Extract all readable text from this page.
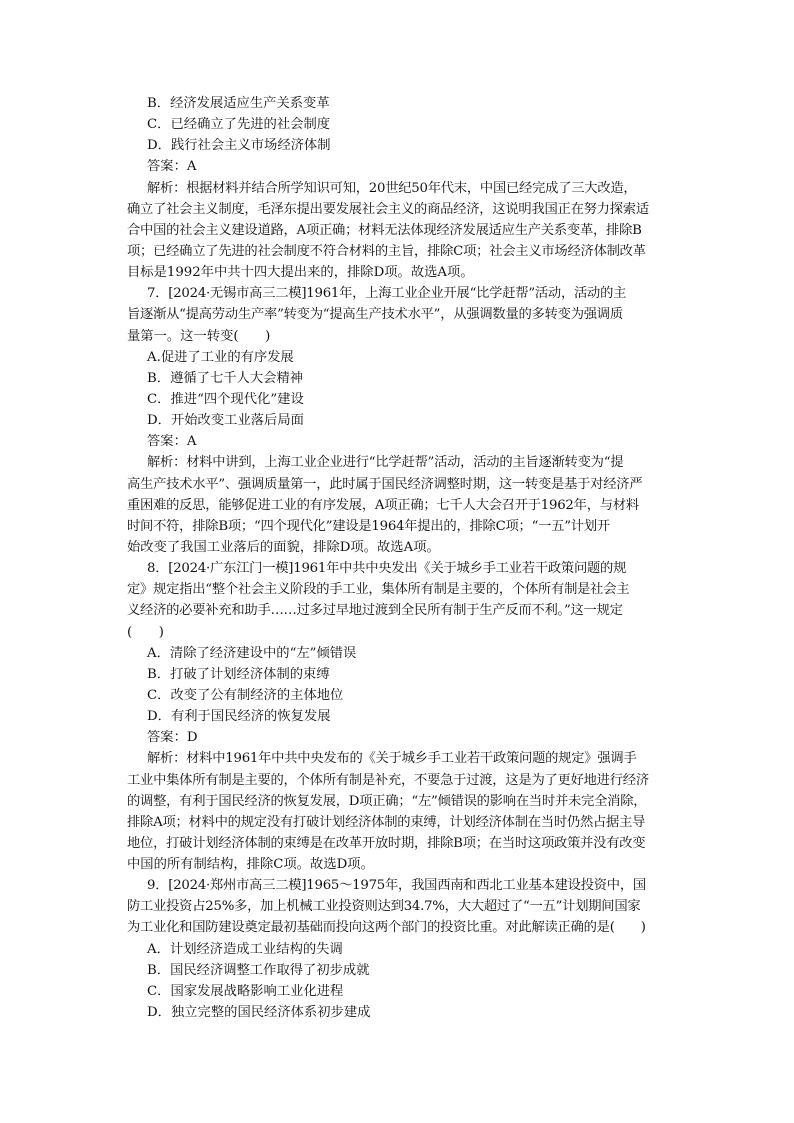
B．经济发展适应生产关系变革
C．已经确立了先进的社会制度
D．践行社会主义市场经济体制
答案：A
解析：根据材料并结合所学知识可知，20世纪50年代末，中国已经完成了三大改造，
确立了社会主义制度，毛泽东提出要发展社会主义的商品经济，这说明我国正在努力探索适
合中国的社会主义建设道路，A项正确；材料无法体现经济发展适应生产关系变革，排除B
项；已经确立了先进的社会制度不符合材料的主旨，排除C项；社会主义市场经济体制改革
目标是1992年中共十四大提出来的，排除D项。故选A项。
7．[2024·无锡市高三二模]1961年，上海工业企业开展“比学赶帮”活动，活动的主
旨逐渐从“提高劳动生产率”转变为“提高生产技术水平”，从强调数量的多转变为强调质
量第一。这一转变(　　)
A.促进了工业的有序发展
B．遵循了七千人大会精神
C．推进“四个现代化”建设
D．开始改变工业落后局面
答案：A
解析：材料中讲到，上海工业企业进行“比学赶帮”活动，活动的主旨逐渐转变为“提
高生产技术水平”、强调质量第一，此时属于国民经济调整时期，这一转变是基于对经济严
重困难的反思，能够促进工业的有序发展，A项正确；七千人大会召开于1962年，与材料
时间不符，排除B项；“四个现代化”建设是1964年提出的，排除C项；“一五”计划开
始改变了我国工业落后的面貌，排除D项。故选A项。
8．[2024·广东江门一模]1961年中共中央发出《关于城乡手工业若干政策问题的规
定》规定指出“整个社会主义阶段的手工业，集体所有制是主要的，个体所有制是社会主
义经济的必要补充和助手……过多过早地过渡到全民所有制于生产反而不利。”这一规定
(　　)
A．清除了经济建设中的“左”倾错误
B．打破了计划经济体制的束缚
C．改变了公有制经济的主体地位
D．有利于国民经济的恢复发展
答案：D
解析：材料中1961年中共中央发布的《关于城乡手工业若干政策问题的规定》强调手
工业中集体所有制是主要的，个体所有制是补充，不要急于过渡，这是为了更好地进行经济
的调整，有利于国民经济的恢复发展，D项正确；“左”倾错误的影响在当时并未完全消除，
排除A项；材料中的规定没有打破计划经济体制的束缚，计划经济体制在当时仍然占据主导
地位，打破计划经济体制的束缚是在改革开放时期，排除B项；在当时这项政策并没有改变
中国的所有制结构，排除C项。故选D项。
9．[2024·郑州市高三二模]1965～1975年，我国西南和西北工业基本建设投资中，国
防工业投资占25%多，加上机械工业投资则达到34.7%，大大超过了“一五”计划期间国家
为工业化和国防建设奠定最初基础而投向这两个部门的投资比重。对此解读正确的是(　　)
A．计划经济造成工业结构的失调
B．国民经济调整工作取得了初步成就
C．国家发展战略影响工业化进程
D．独立完整的国民经济体系初步建成
